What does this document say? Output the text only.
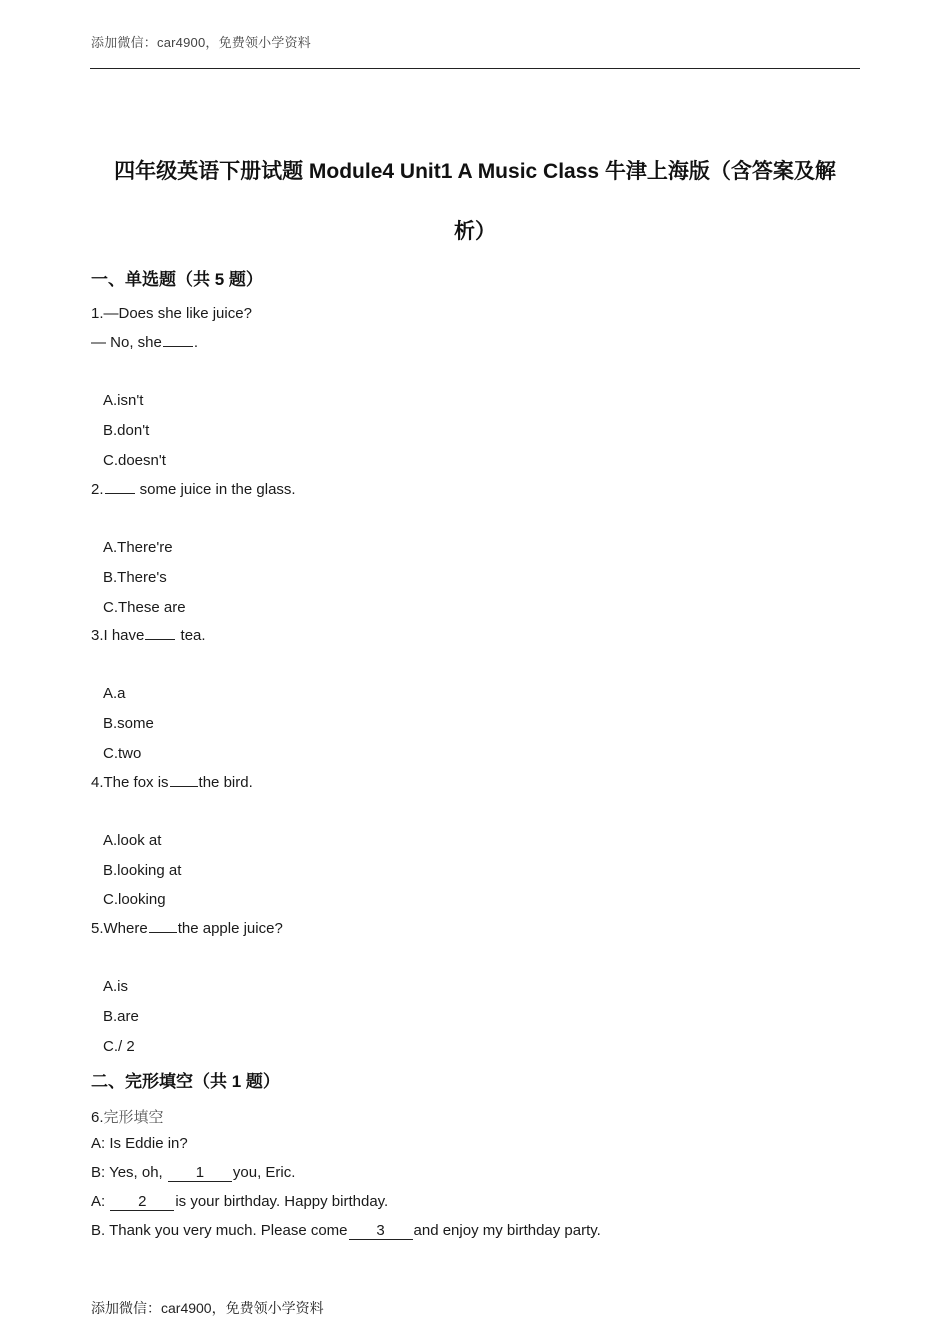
添加微信：car4900，免费领小学资料
四年级英语下册试题 Module4 Unit1 A Music Class 牛津上海版（含答案及解
析）
一、单选题（共 5 题）
1.—Does she like juice?
— No, she .
A.isn't
B.don't
C.doesn't
2. some juice in the glass.
A.There're
B.There's
C.These are
3.I have tea.
A.a
B.some
C.two
4.The fox is the bird.
A.look at
B.looking at
C.looking
5.Where the apple juice?
A.is
B.are
C./ 2
二、完形填空（共 1 题）
6.完形填空
A: Is Eddie in?
B: Yes, oh, 1 you, Eric.
A: 2 is your birthday. Happy birthday.
B. Thank you very much. Please come 3 and enjoy my birthday party.
添加微信：car4900，免费领小学资料
